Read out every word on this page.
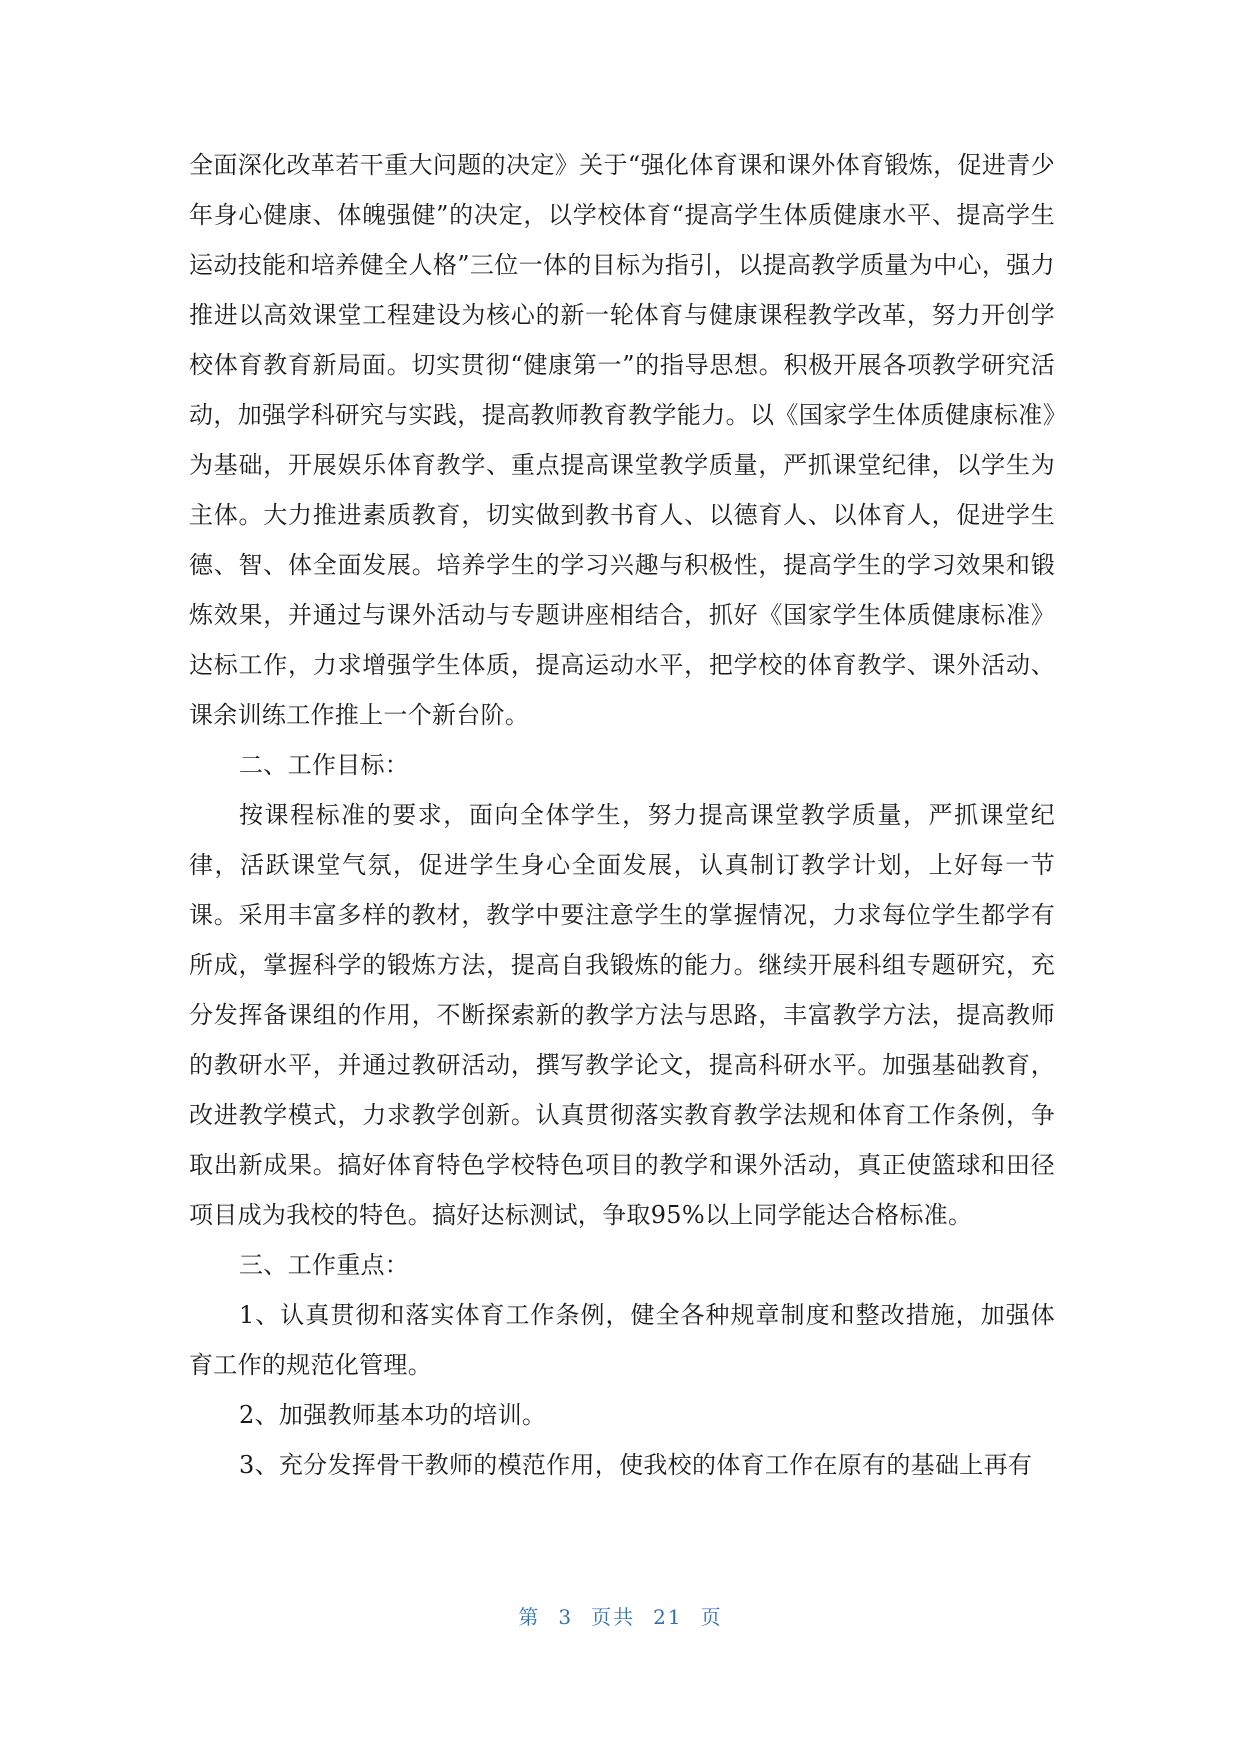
全面深化改革若干重大问题的决定》关于“强化体育课和课外体育锻炼，促进青少年身心健康、体魄强健”的决定，以学校体育“提高学生体质健康水平、提高学生运动技能和培养健全人格”三位一体的目标为指引，以提高教学质量为中心，强力推进以高效课堂工程建设为核心的新一轮体育与健康课程教学改革，努力开创学校体育教育新局面。切实贯彻“健康第一”的指导思想。积极开展各项教学研究活动，加强学科研究与实践，提高教师教育教学能力。以《国家学生体质健康标准》为基础，开展娱乐体育教学、重点提高课堂教学质量，严抓课堂纪律，以学生为主体。大力推进素质教育，切实做到教书育人、以德育人、以体育人，促进学生德、智、体全面发展。培养学生的学习兴趣与积极性，提高学生的学习效果和锻炼效果，并通过与课外活动与专题讲座相结合，抓好《国家学生体质健康标准》达标工作，力求增强学生体质，提高运动水平，把学校的体育教学、课外活动、课余训练工作推上一个新台阶。

二、工作目标：

按课程标准的要求，面向全体学生，努力提高课堂教学质量，严抓课堂纪律，活跃课堂气氛，促进学生身心全面发展，认真制订教学计划，上好每一节课。采用丰富多样的教材，教学中要注意学生的掌握情况，力求每位学生都学有所成，掌握科学的锻炼方法，提高自我锻炼的能力。继续开展科组专题研究，充分发挥备课组的作用，不断探索新的教学方法与思路，丰富教学方法，提高教师的教研水平，并通过教研活动，撰写教学论文，提高科研水平。加强基础教育，改进教学模式，力求教学创新。认真贯彻落实教育教学法规和体育工作条例，争取出新成果。搞好体育特色学校特色项目的教学和课外活动，真正使篮球和田径项目成为我校的特色。搞好达标测试，争取95%以上同学能达合格标准。

三、工作重点：

1、认真贯彻和落实体育工作条例，健全各种规章制度和整改措施，加强体育工作的规范化管理。

2、加强教师基本功的培训。

3、充分发挥骨干教师的模范作用，使我校的体育工作在原有的基础上再有

第 3 页共 21 页
